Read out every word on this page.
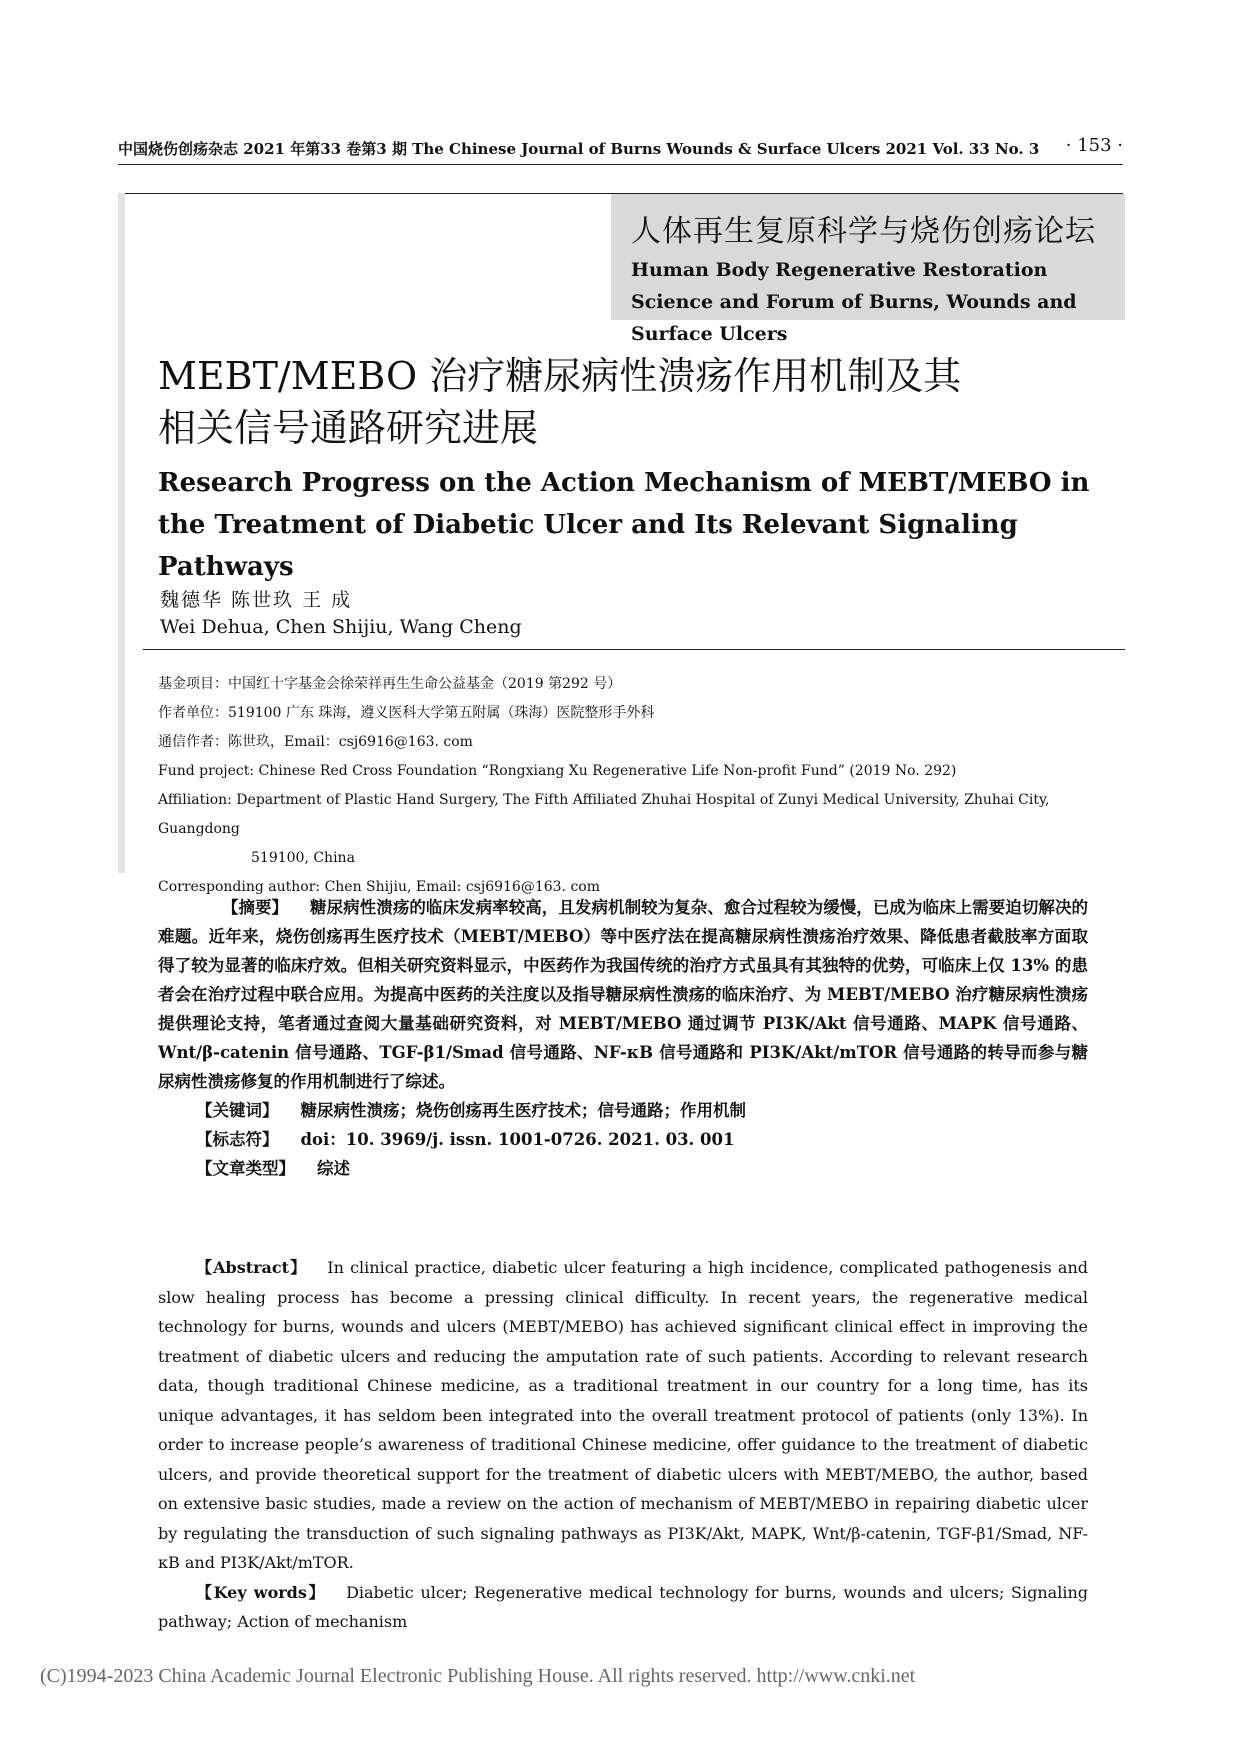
中国烧伤创疡杂志 2021 年第33 卷第3 期 The Chinese Journal of Burns Wounds & Surface Ulcers 2021 Vol. 33 No. 3 · 153 ·
人体再生复原科学与烧伤创疡论坛
Human Body Regenerative Restoration Science and Forum of Burns, Wounds and Surface Ulcers
MEBT/MEBO 治疗糖尿病性溃疡作用机制及其
相关信号通路研究进展
Research Progress on the Action Mechanism of MEBT/MEBO in the Treatment of Diabetic Ulcer and Its Relevant Signaling Pathways
魏德华 陈世玖 王 成
Wei Dehua, Chen Shijiu, Wang Cheng

基金项目：中国红十字基金会徐荣祥再生生命公益基金（2019 第292 号）

作者单位：519100 广东 珠海，遵义医科大学第五附属（珠海）医院整形手外科

通信作者：陈世玖，Email：csj6916@163. com

Fund project: Chinese Red Cross Foundation “Rongxiang Xu Regenerative Life Non-profit Fund” (2019 No. 292)

Affiliation: Department of Plastic Hand Surgery, The Fifth Affiliated Zhuhai Hospital of Zunyi Medical University, Zhuhai City, Guangdong

519100, China

Corresponding author: Chen Shijiu, Email: csj6916@163. com

【摘要】 糖尿病性溃疡的临床发病率较高，且发病机制较为复杂、愈合过程较为缓慢，已成为临床上需要迫切解决的难题。近年来，烧伤创疡再生医疗技术（MEBT/MEBO）等中医疗法在提高糖尿病性溃疡治疗效果、降低患者截肢率方面取得了较为显著的临床疗效。但相关研究资料显示，中医药作为我国传统的治疗方式虽具有其独特的优势，可临床上仅 13% 的患者会在治疗过程中联合应用。为提高中医药的关注度以及指导糖尿病性溃疡的临床治疗、为 MEBT/MEBO 治疗糖尿病性溃疡提供理论支持，笔者通过查阅大量基础研究资料，对 MEBT/MEBO 通过调节 PI3K/Akt 信号通路、MAPK 信号通路、Wnt/β-catenin 信号通路、TGF-β1/Smad 信号通路、NF-κB 信号通路和 PI3K/Akt/mTOR 信号通路的转导而参与糖尿病性溃疡修复的作用机制进行了综述。

【关键词】 糖尿病性溃疡；烧伤创疡再生医疗技术；信号通路；作用机制

【标志符】 doi：10. 3969/j. issn. 1001-0726. 2021. 03. 001

【文章类型】 综述

【Abstract】 In clinical practice, diabetic ulcer featuring a high incidence, complicated pathogenesis and slow healing process has become a pressing clinical difficulty. In recent years, the regenerative medical technology for burns, wounds and ulcers (MEBT/MEBO) has achieved significant clinical effect in improving the treatment of diabetic ulcers and reducing the amputation rate of such patients. According to relevant research data, though traditional Chinese medicine, as a traditional treatment in our country for a long time, has its unique advantages, it has seldom been integrated into the overall treatment protocol of patients (only 13%). In order to increase people’s awareness of traditional Chinese medicine, offer guidance to the treatment of diabetic ulcers, and provide theoretical support for the treatment of diabetic ulcers with MEBT/MEBO, the author, based on extensive basic studies, made a review on the action of mechanism of MEBT/MEBO in repairing diabetic ulcer by regulating the transduction of such signaling pathways as PI3K/Akt, MAPK, Wnt/β-catenin, TGF-β1/Smad, NF-κB and PI3K/Akt/mTOR.

【Key words】 Diabetic ulcer; Regenerative medical technology for burns, wounds and ulcers; Signaling pathway; Action of mechanism

(C)1994-2023 China Academic Journal Electronic Publishing House. All rights reserved. http://www.cnki.net
